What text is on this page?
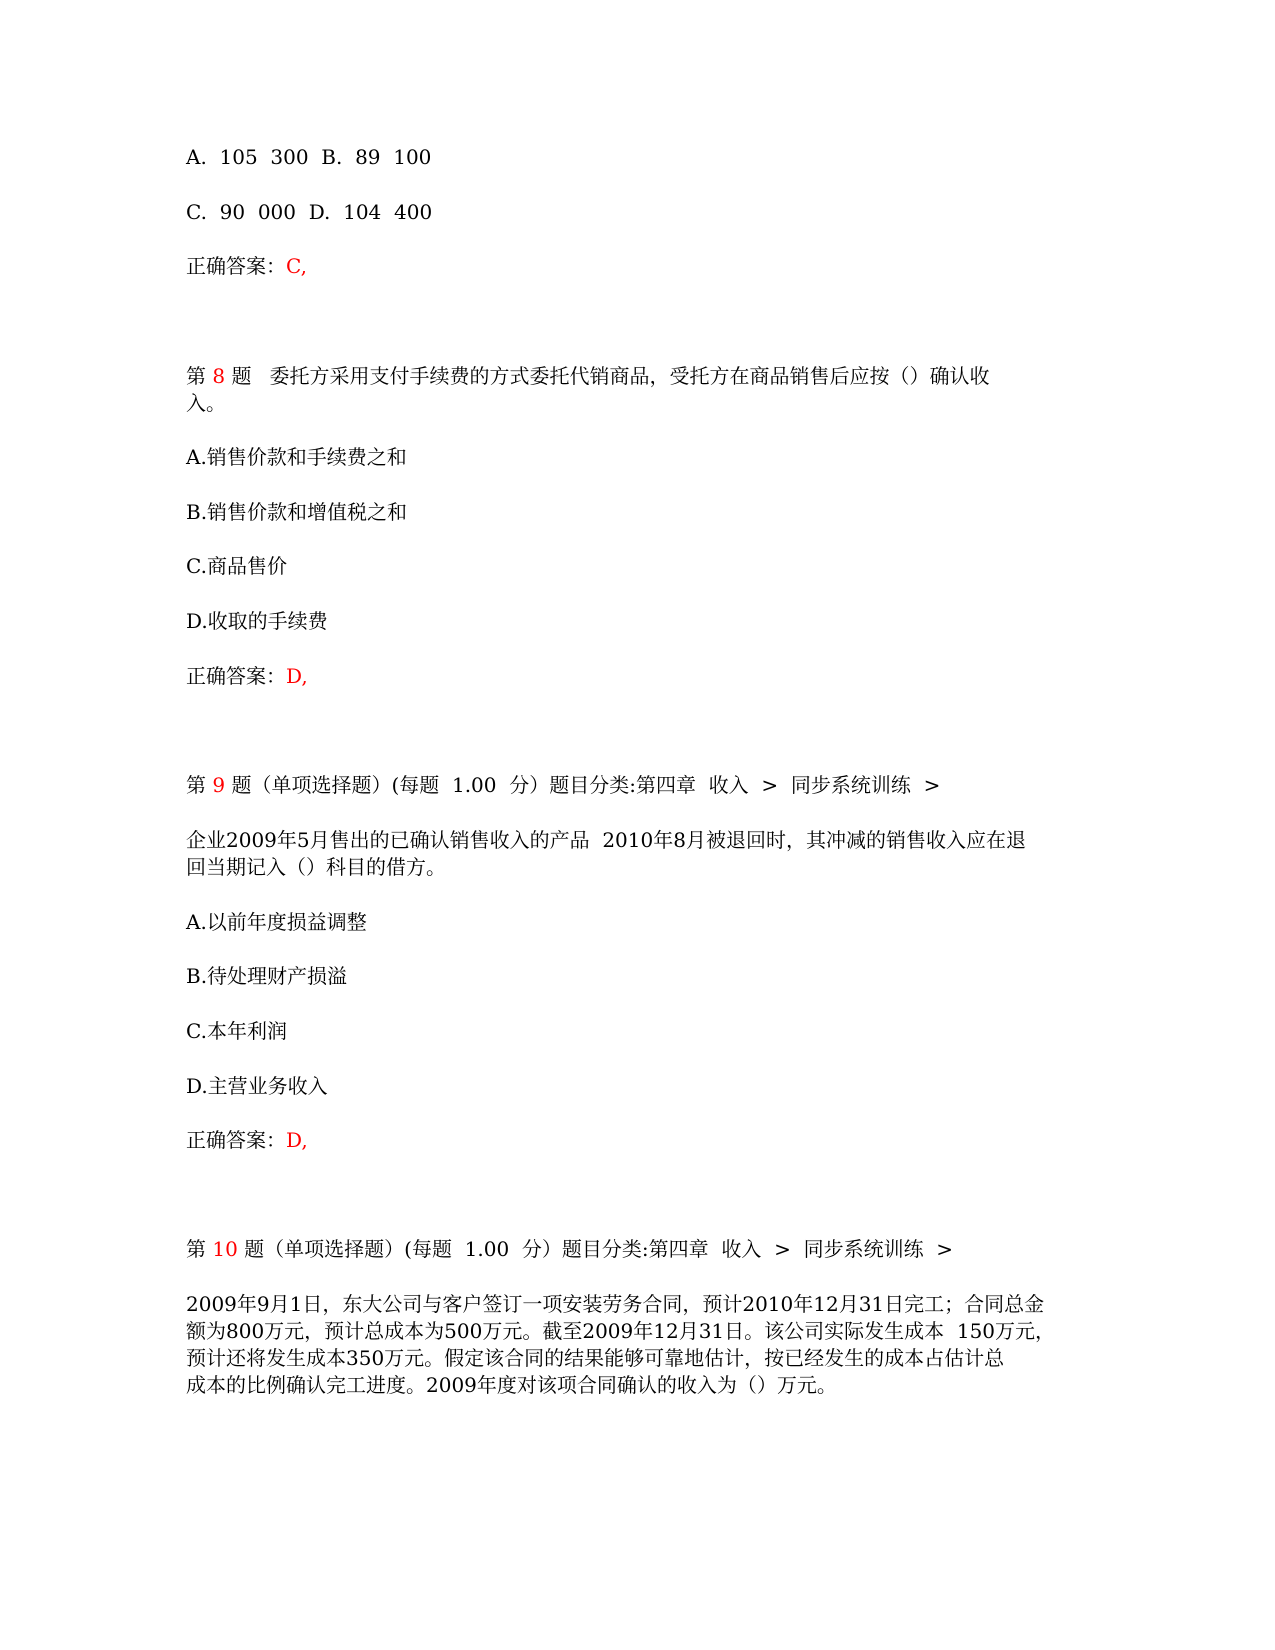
A.  105  300  B.  89  100
C.  90  000  D.  104  400
正确答案：C,
第 8 题 委托方采用支付手续费的方式委托代销商品，受托方在商品销售后应按（）确认收
入。
A.销售价款和手续费之和
B.销售价款和增值税之和
C.商品售价
D.收取的手续费
正确答案：D,
第 9 题（单项选择题）(每题  1.00  分）题目分类:第四章  收入  >  同步系统训练  >
企业2009年5月售出的已确认销售收入的产品  2010年8月被退回时，其冲减的销售收入应在退
回当期记入（）科目的借方。
A.以前年度损益调整
B.待处理财产损溢
C.本年利润
D.主营业务收入
正确答案：D,
第 10 题（单项选择题）(每题  1.00  分）题目分类:第四章  收入  >  同步系统训练  >
2009年9月1日，东大公司与客户签订一项安装劳务合同，预计2010年12月31日完工；合同总金
额为800万元，预计总成本为500万元。截至2009年12月31日。该公司实际发生成本  150万元，
预计还将发生成本350万元。假定该合同的结果能够可靠地估计，按已经发生的成本占估计总
成本的比例确认完工进度。2009年度对该项合同确认的收入为（）万元。
